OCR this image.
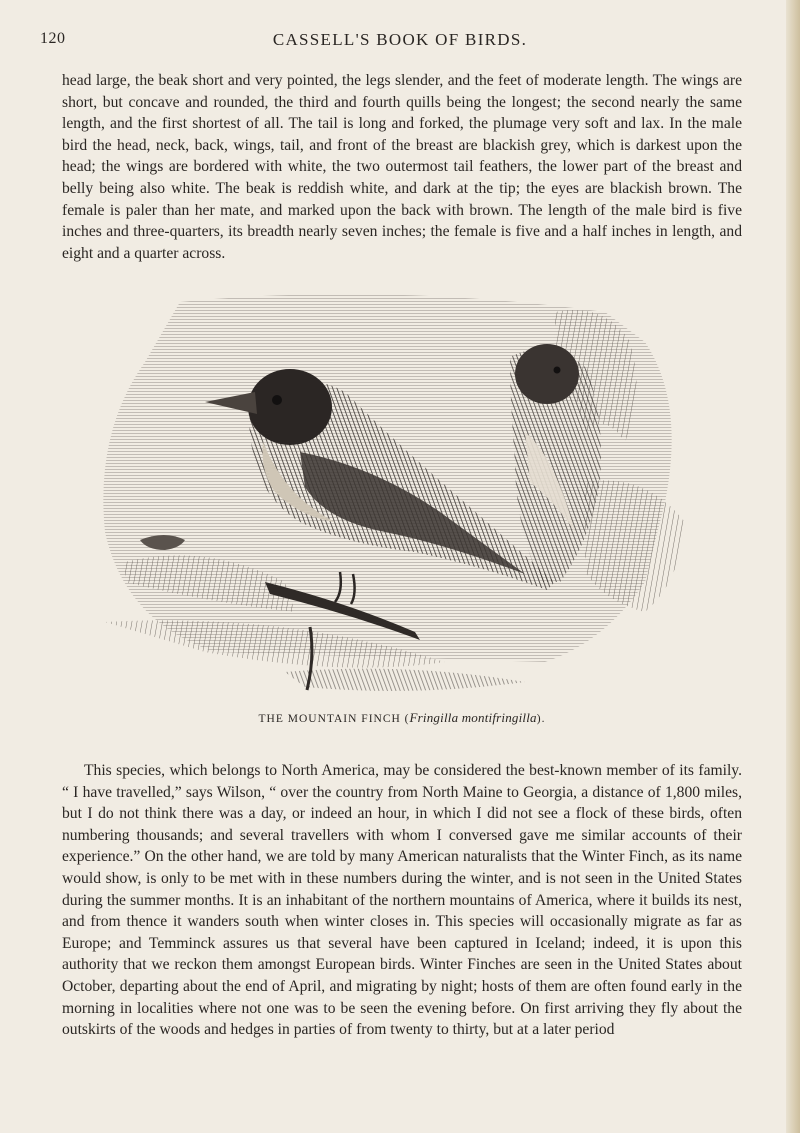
120	CASSELL'S BOOK OF BIRDS.

head large, the beak short and very pointed, the legs slender, and the feet of moderate length. The wings are short, but concave and rounded, the third and fourth quills being the longest; the second nearly the same length, and the first shortest of all. The tail is long and forked, the plumage very soft and lax. In the male bird the head, neck, back, wings, tail, and front of the breast are blackish grey, which is darkest upon the head; the wings are bordered with white, the two outermost tail feathers, the lower part of the breast and belly being also white. The beak is reddish white, and dark at the tip; the eyes are blackish brown. The female is paler than her mate, and marked upon the back with brown. The length of the male bird is five inches and three-quarters, its breadth nearly seven inches; the female is five and a half inches in length, and eight and a quarter across.

THE MOUNTAIN FINCH (Fringilla montifringilla).

This species, which belongs to North America, may be considered the best-known member of its family. “ I have travelled,” says Wilson, “ over the country from North Maine to Georgia, a distance of 1,800 miles, but I do not think there was a day, or indeed an hour, in which I did not see a flock of these birds, often numbering thousands; and several travellers with whom I conversed gave me similar accounts of their experience.” On the other hand, we are told by many American naturalists that the Winter Finch, as its name would show, is only to be met with in these numbers during the winter, and is not seen in the United States during the summer months. It is an inhabitant of the northern mountains of America, where it builds its nest, and from thence it wanders south when winter closes in. This species will occasionally migrate as far as Europe; and Temminck assures us that several have been captured in Iceland; indeed, it is upon this authority that we reckon them amongst European birds. Winter Finches are seen in the United States about October, departing about the end of April, and migrating by night; hosts of them are often found early in the morning in localities where not one was to be seen the evening before. On first arriving they fly about the outskirts of the woods and hedges in parties of from twenty to thirty, but at a later period
